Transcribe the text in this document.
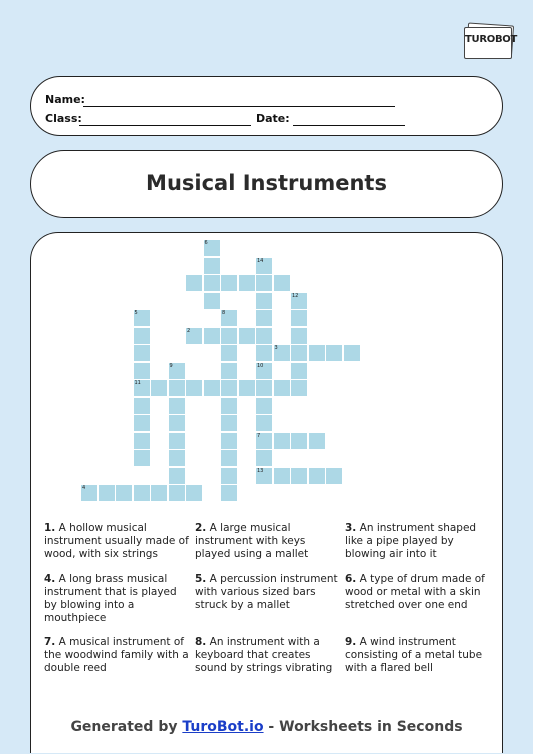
TUROBOT
Name:
Class:	Date:
Musical Instruments
6
14
10
7
13
12
5
11
2
8
3
9
4
1. A hollow musical instrument usually made of wood, with six strings
2. A large musical instrument with keys played using a mallet
3. An instrument shaped like a pipe played by blowing air into it
4. A long brass musical instrument that is played by blowing into a mouthpiece
5. A percussion instrument with various sized bars struck by a mallet
6. A type of drum made of wood or metal with a skin stretched over one end
7. A musical instrument of the woodwind family with a double reed
8. An instrument with a keyboard that creates sound by strings vibrating
9. A wind instrument consisting of a metal tube with a flared bell
Generated by TuroBot.io - Worksheets in Seconds
